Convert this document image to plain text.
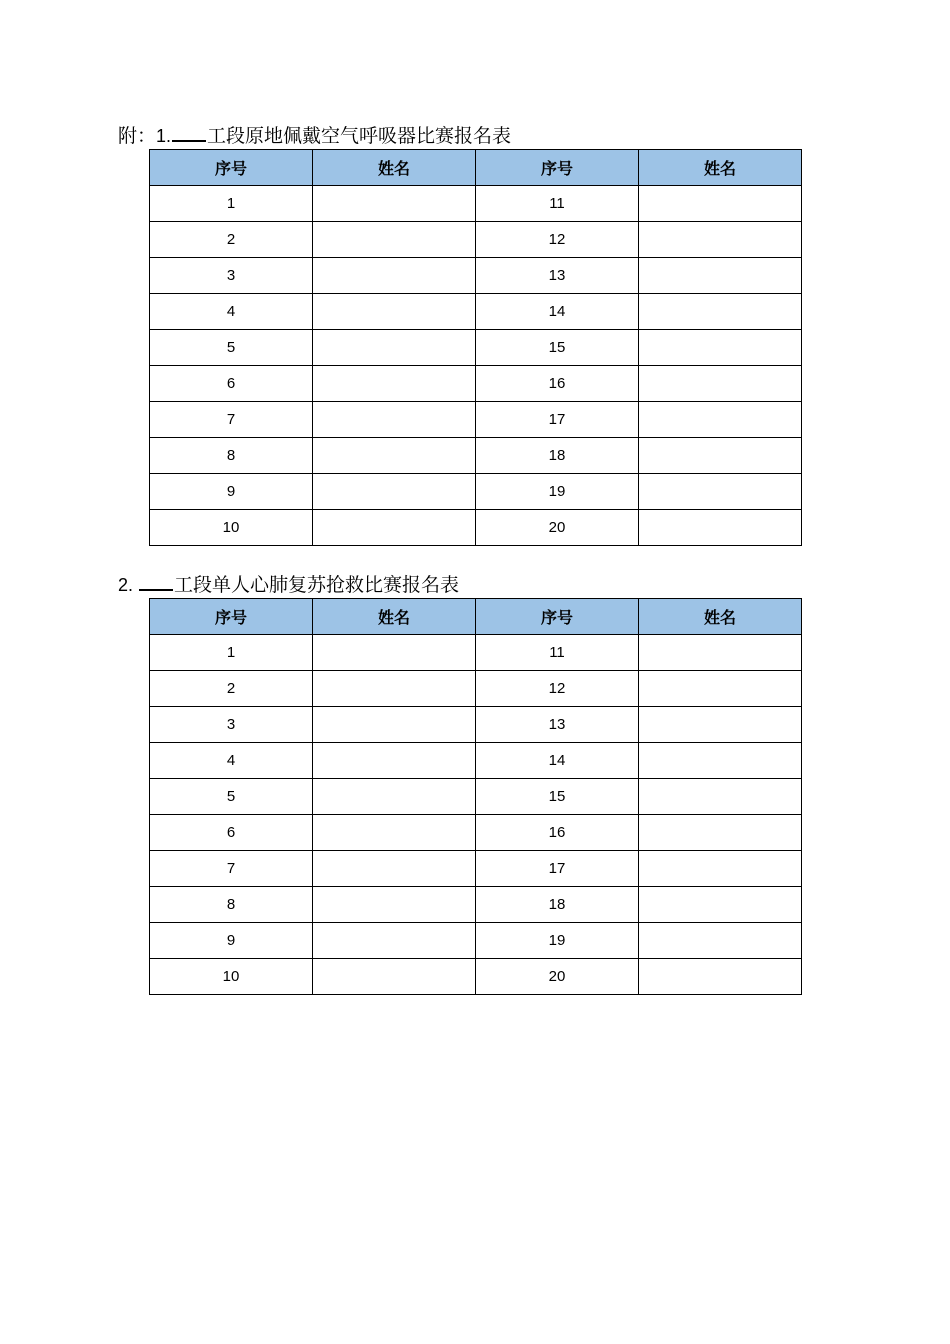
附：1. 工段原地佩戴空气呼吸器比赛报名表
序号	姓名	序号	姓名
1		11	
2		12	
3		13	
4		14	
5		15	
6		16	
7		17	
8		18	
9		19	
10		20	
2. 工段单人心肺复苏抢救比赛报名表
序号	姓名	序号	姓名
1		11	
2		12	
3		13	
4		14	
5		15	
6		16	
7		17	
8		18	
9		19	
10		20	
